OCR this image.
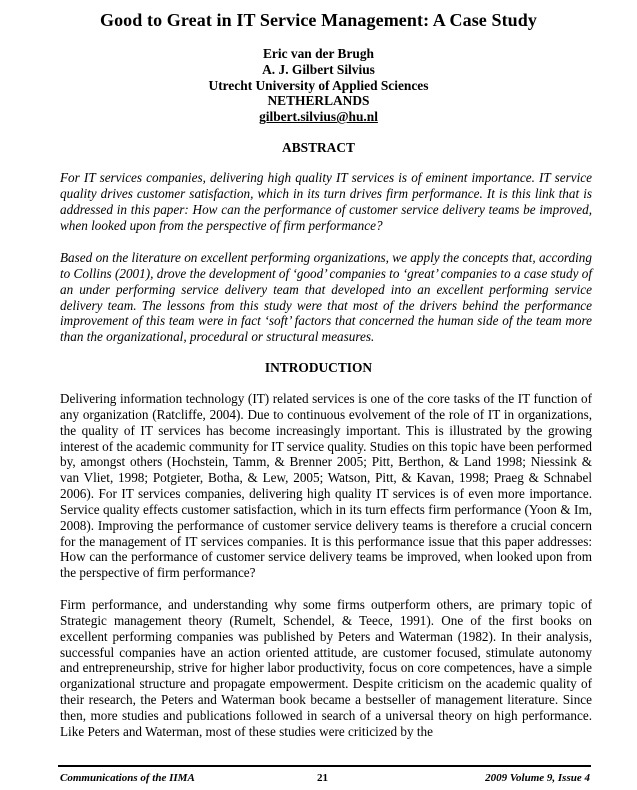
Good to Great in IT Service Management: A Case Study
Eric van der Brugh
A. J. Gilbert Silvius
Utrecht University of Applied Sciences
NETHERLANDS
gilbert.silvius@hu.nl
ABSTRACT
For IT services companies, delivering high quality IT services is of eminent importance. IT service quality drives customer satisfaction, which in its turn drives firm performance. It is this link that is addressed in this paper: How can the performance of customer service delivery teams be improved, when looked upon from the perspective of firm performance?
Based on the literature on excellent performing organizations, we apply the concepts that, according to Collins (2001), drove the development of ‘good’ companies to ‘great’ companies to a case study of an under performing service delivery team that developed into an excellent performing service delivery team. The lessons from this study were that most of the drivers behind the performance improvement of this team were in fact ‘soft’ factors that concerned the human side of the team more than the organizational, procedural or structural measures.
INTRODUCTION
Delivering information technology (IT) related services is one of the core tasks of the IT function of any organization (Ratcliffe, 2004). Due to continuous evolvement of the role of IT in organizations, the quality of IT services has become increasingly important. This is illustrated by the growing interest of the academic community for IT service quality. Studies on this topic have been performed by, amongst others (Hochstein, Tamm, & Brenner 2005; Pitt, Berthon, & Land 1998; Niessink & van Vliet, 1998; Potgieter, Botha, & Lew, 2005; Watson, Pitt, & Kavan, 1998; Praeg & Schnabel 2006). For IT services companies, delivering high quality IT services is of even more importance. Service quality effects customer satisfaction, which in its turn effects firm performance (Yoon & Im, 2008). Improving the performance of customer service delivery teams is therefore a crucial concern for the management of IT services companies. It is this performance issue that this paper addresses: How can the performance of customer service delivery teams be improved, when looked upon from the perspective of firm performance?
Firm performance, and understanding why some firms outperform others, are primary topic of Strategic management theory (Rumelt, Schendel, & Teece, 1991). One of the first books on excellent performing companies was published by Peters and Waterman (1982). In their analysis, successful companies have an action oriented attitude, are customer focused, stimulate autonomy and entrepreneurship, strive for higher labor productivity, focus on core competences, have a simple organizational structure and propagate empowerment. Despite criticism on the academic quality of their research, the Peters and Waterman book became a bestseller of management literature. Since then, more studies and publications followed in search of a universal theory on high performance. Like Peters and Waterman, most of these studies were criticized by the
Communications of the IIMA	21	2009 Volume 9, Issue 4
